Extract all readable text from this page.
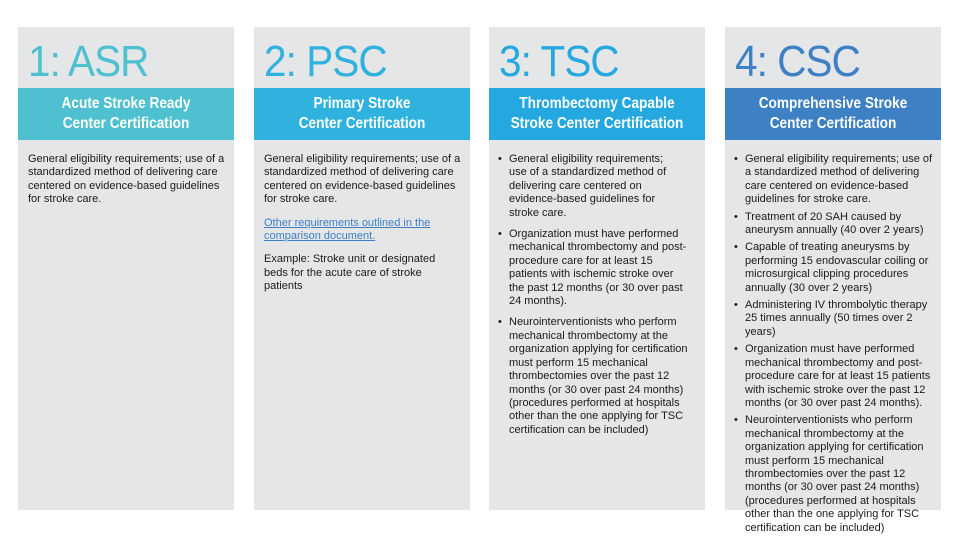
1: ASR
Acute Stroke Ready
Center Certification

General eligibility requirements; use of a standardized method of delivering care centered on evidence-based guidelines for stroke care.

2: PSC
Primary Stroke
Center Certification

General eligibility requirements; use of a standardized method of delivering care centered on evidence-based guidelines for stroke care.

Other requirements outlined in the comparison document.

Example: Stroke unit or designated beds for the acute care of stroke patients

3: TSC
Thrombectomy Capable
Stroke Center Certification
• General eligibility requirements; use of a standardized method of delivering care centered on evidence-based guidelines for stroke care.
• Organization must have performed mechanical thrombectomy and post-procedure care for at least 15 patients with ischemic stroke over the past 12 months (or 30 over past 24 months).
• Neurointerventionists who perform mechanical thrombectomy at the organization applying for certification must perform 15 mechanical thrombectomies over the past 12 months (or 30 over past 24 months) (procedures performed at hospitals other than the one applying for TSC certification can be included)
4: CSC
Comprehensive Stroke
Center Certification
• General eligibility requirements; use of a standardized method of delivering care centered on evidence-based guidelines for stroke care.
• Treatment of 20 SAH caused by aneurysm annually (40 over 2 years)
• Capable of treating aneurysms by performing 15 endovascular coiling or microsurgical clipping procedures annually (30 over 2 years)
• Administering IV thrombolytic therapy 25 times annually (50 times over 2 years)
• Organization must have performed mechanical thrombectomy and post-procedure care for at least 15 patients with ischemic stroke over the past 12 months (or 30 over past 24 months).
• Neurointerventionists who perform mechanical thrombectomy at the organization applying for certification must perform 15 mechanical thrombectomies over the past 12 months (or 30 over past 24 months) (procedures performed at hospitals other than the one applying for TSC certification can be included)
